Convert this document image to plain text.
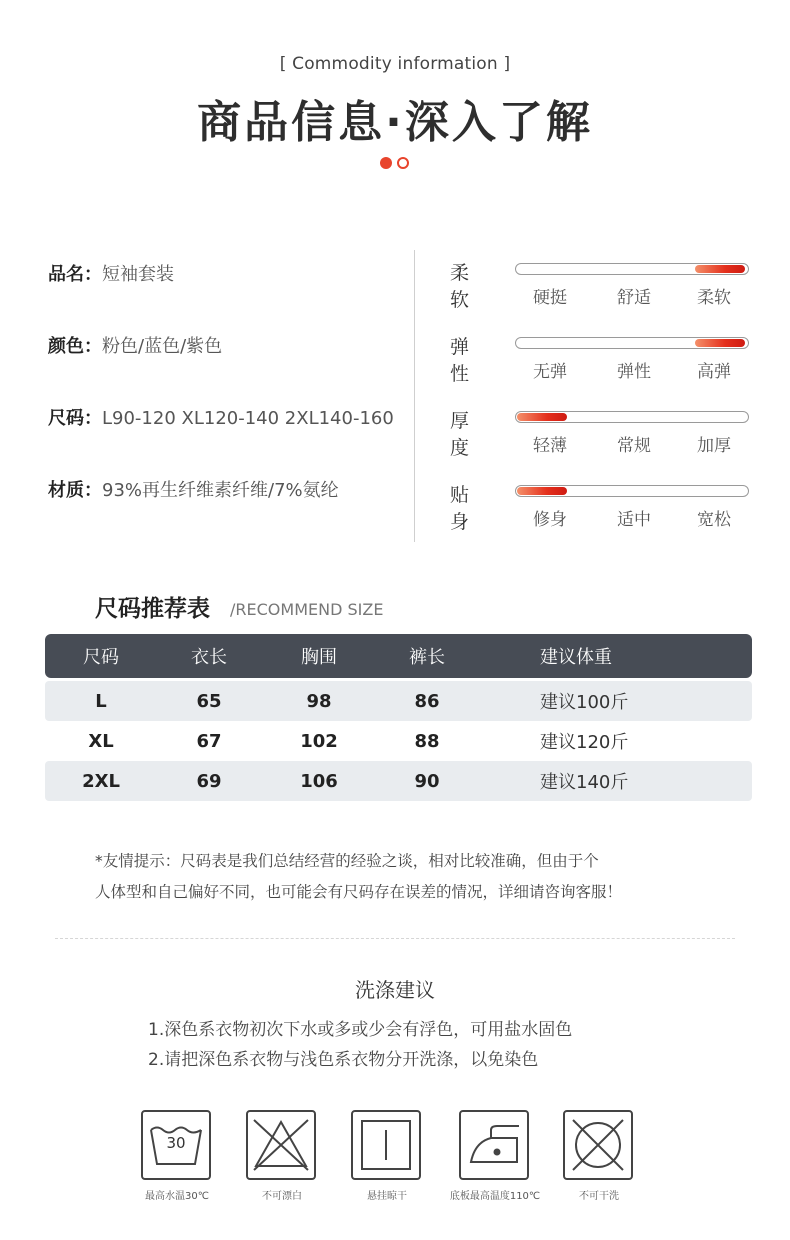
[ Commodity information ]
商品信息·深入了解
品名：短袖套装
颜色：粉色/蓝色/紫色
尺码：L90-120 XL120-140 2XL140-160
材质：93%再生纤维素纤维/7%氨纶
柔软	硬挺	舒适	柔软
弹性	无弹	弹性	高弹
厚度	轻薄	常规	加厚
贴身	修身	适中	宽松
尺码推荐表 /RECOMMEND SIZE
尺码	衣长	胸围	裤长	建议体重
L	65	98	86	建议100斤
XL	67	102	88	建议120斤
2XL	69	106	90	建议140斤
*友情提示：尺码表是我们总结经营的经验之谈，相对比较准确，但由于个
人体型和自己偏好不同，也可能会有尺码存在误差的情况，详细请咨询客服！
洗涤建议
1.深色系衣物初次下水或多或少会有浮色，可用盐水固色
2.请把深色系衣物与浅色系衣物分开洗涤，以免染色
30
最高水温30℃	不可漂白	悬挂晾干	底板最高温度110℃	不可干洗
